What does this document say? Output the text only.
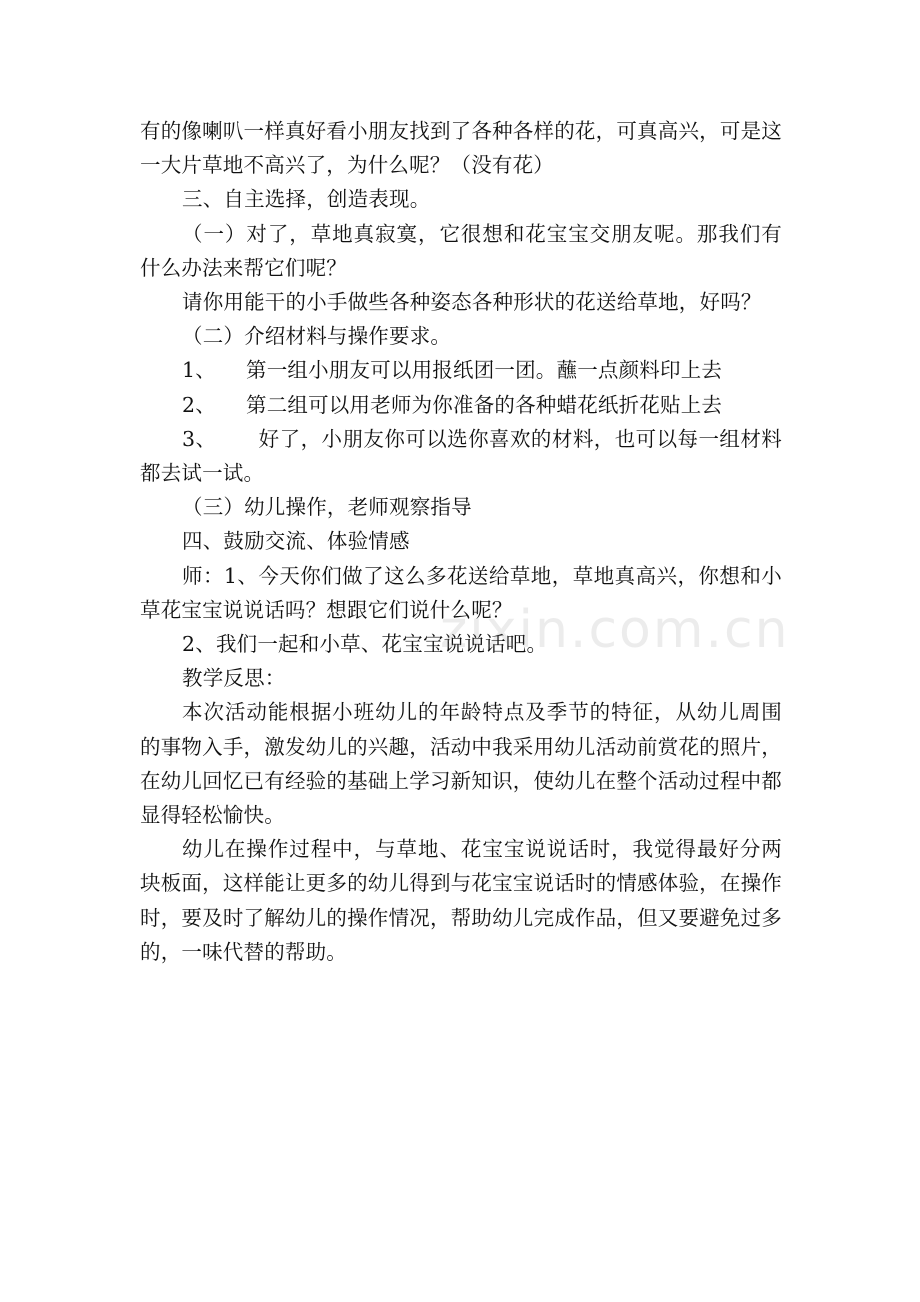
有的像喇叭一样真好看小朋友找到了各种各样的花，可真高兴，可是这一大片草地不高兴了，为什么呢？（没有花）

三、自主选择，创造表现。

（一）对了，草地真寂寞，它很想和花宝宝交朋友呢。那我们有什么办法来帮它们呢？

请你用能干的小手做些各种姿态各种形状的花送给草地，好吗？

（二）介绍材料与操作要求。

1、	第一组小朋友可以用报纸团一团。蘸一点颜料印上去
2、	第二组可以用老师为你准备的各种蜡花纸折花贴上去

3、 好了，小朋友你可以选你喜欢的材料，也可以每一组材料都去试一试。

（三）幼儿操作，老师观察指导

四、鼓励交流、体验情感

师：1、今天你们做了这么多花送给草地，草地真高兴，你想和小草花宝宝说说话吗？想跟它们说什么呢？

2、我们一起和小草、花宝宝说说话吧。

教学反思：

本次活动能根据小班幼儿的年龄特点及季节的特征，从幼儿周围的事物入手，激发幼儿的兴趣，活动中我采用幼儿活动前赏花的照片，在幼儿回忆已有经验的基础上学习新知识，使幼儿在整个活动过程中都显得轻松愉快。

幼儿在操作过程中，与草地、花宝宝说说话时，我觉得最好分两块板面，这样能让更多的幼儿得到与花宝宝说话时的情感体验，在操作时，要及时了解幼儿的操作情况，帮助幼儿完成作品，但又要避免过多的，一味代替的帮助。

zixin.com.cn
